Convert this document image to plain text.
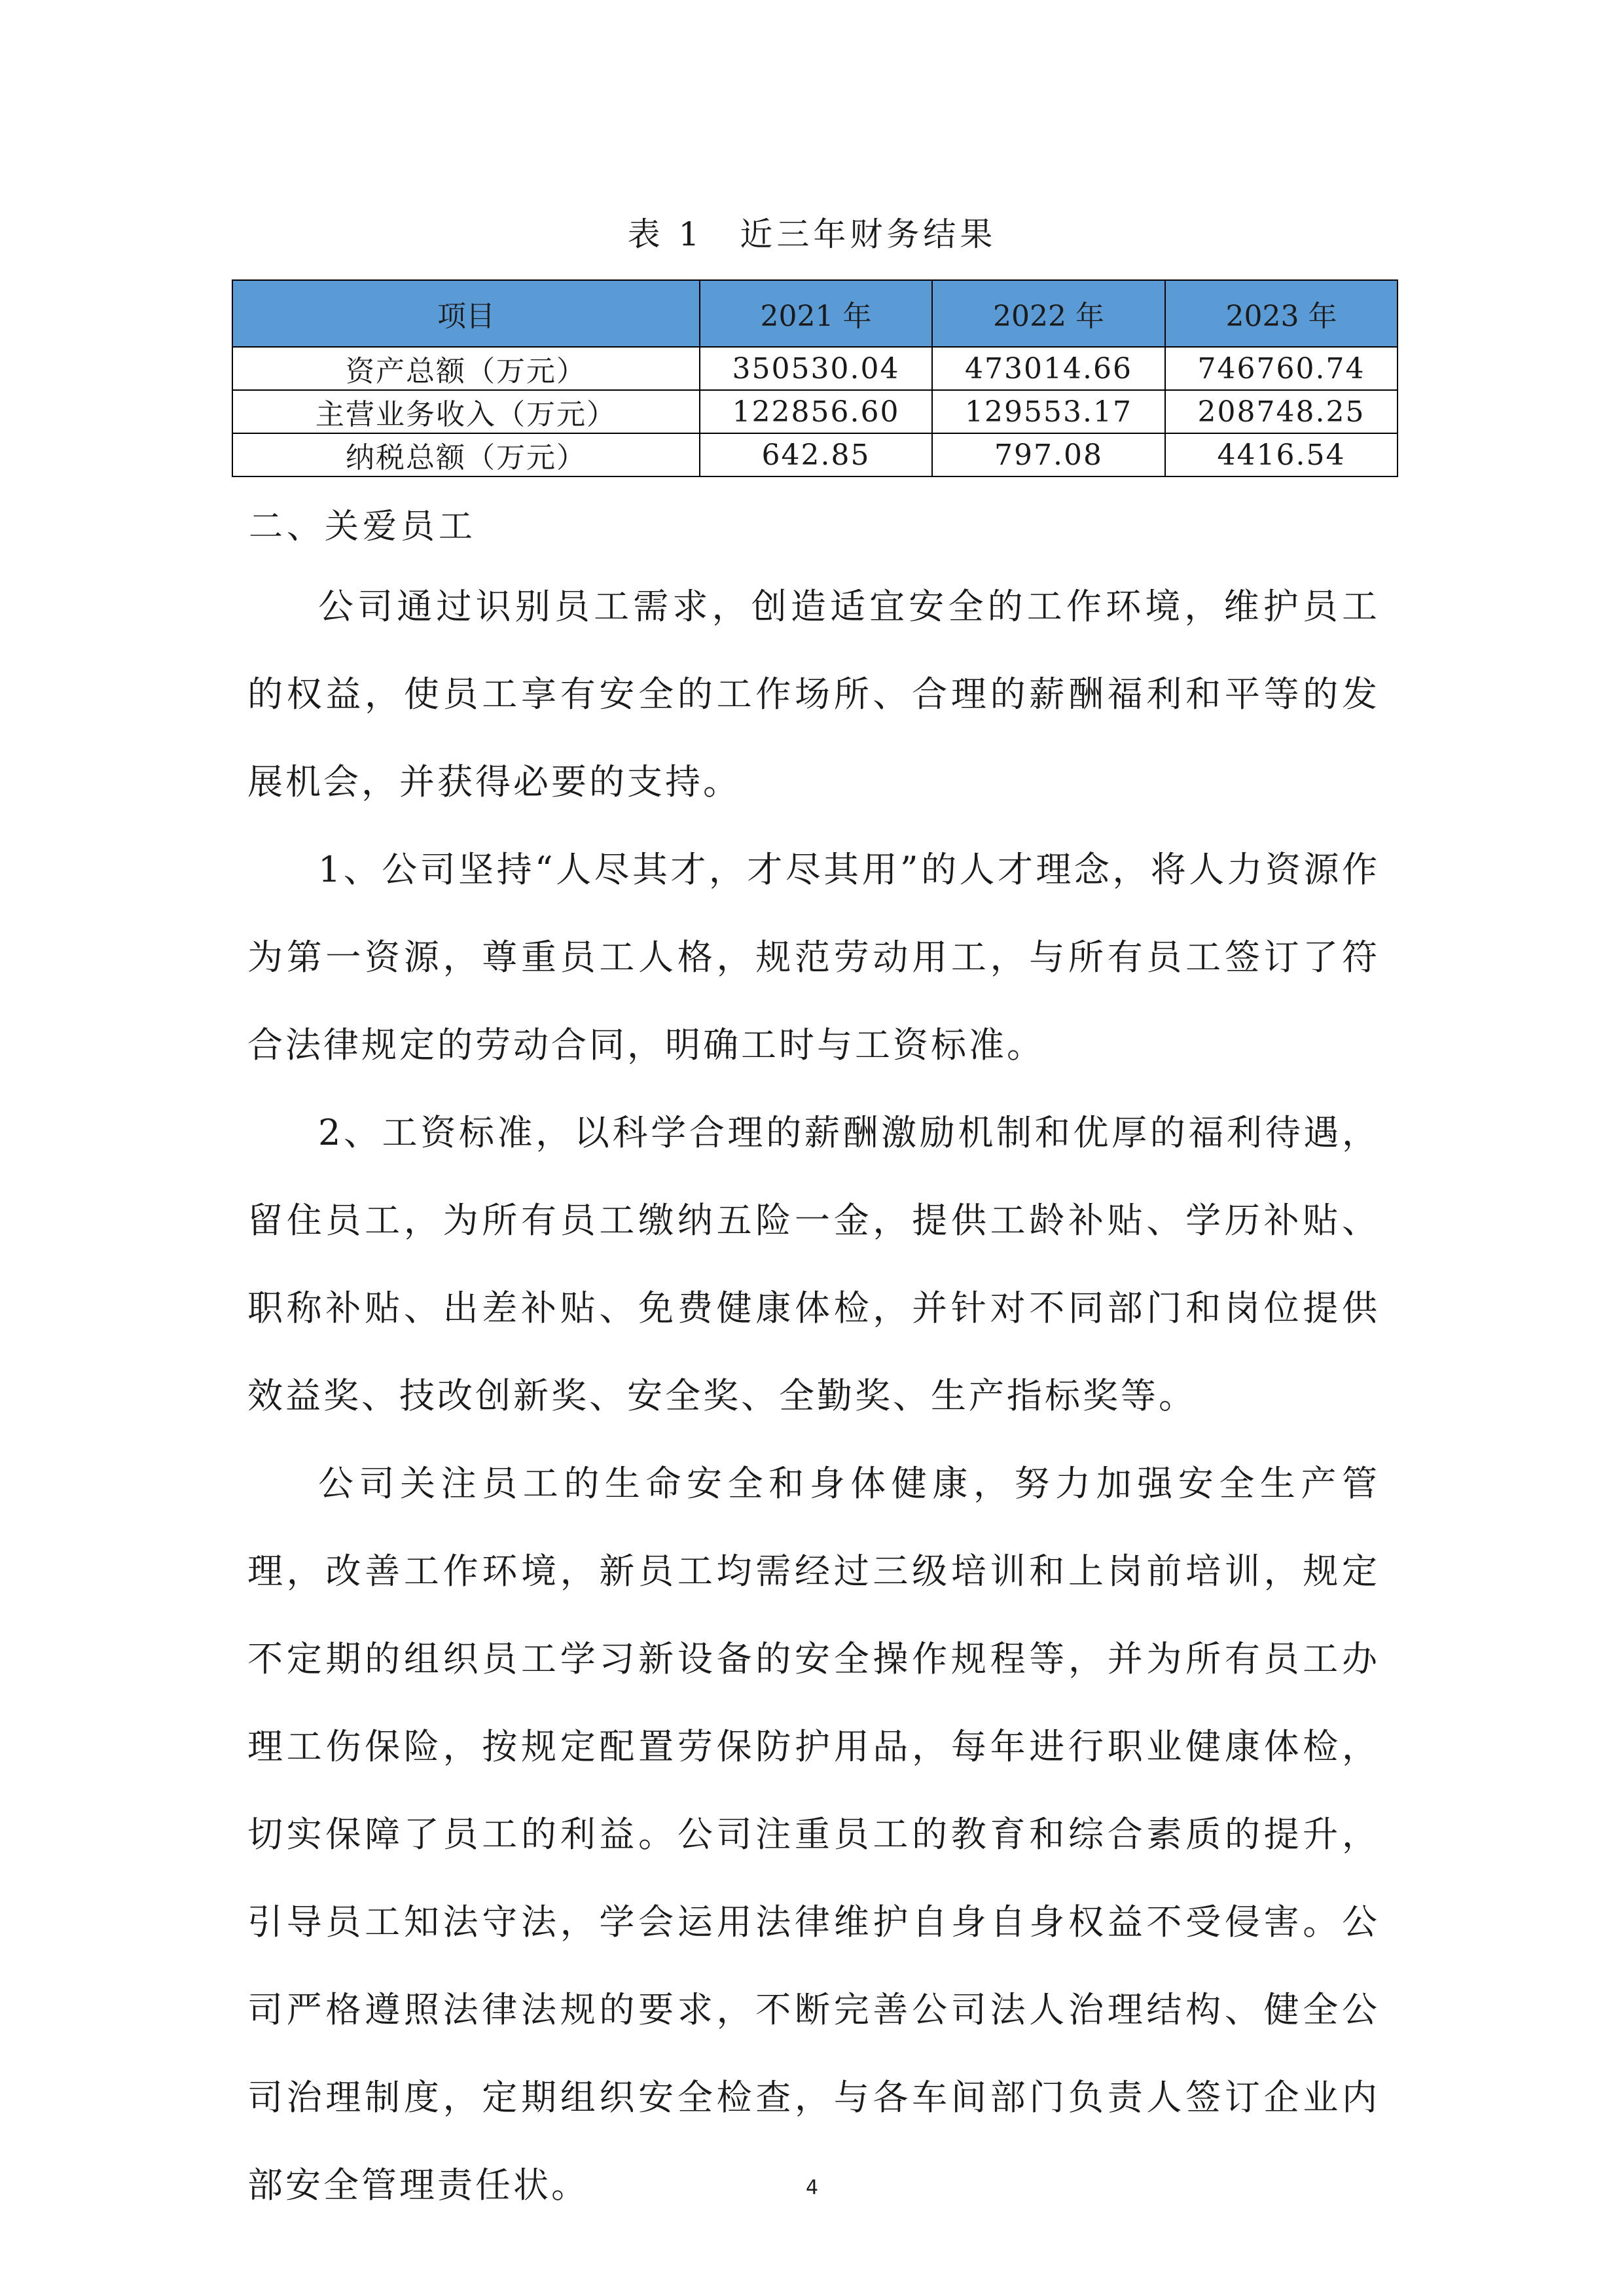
表 1　近三年财务结果
项目	2021 年	2022 年	2023 年
资产总额（万元）	350530.04	473014.66	746760.74
主营业务收入（万元）	122856.60	129553.17	208748.25
纳税总额（万元）	642.85	797.08	4416.54
二、关爱员工

公司通过识别员工需求，创造适宜安全的工作环境，维护员工的权益，使员工享有安全的工作场所、合理的薪酬福利和平等的发展机会，并获得必要的支持。

1、公司坚持“人尽其才，才尽其用”的人才理念，将人力资源作为第一资源，尊重员工人格，规范劳动用工，与所有员工签订了符合法律规定的劳动合同，明确工时与工资标准。

2、工资标准，以科学合理的薪酬激励机制和优厚的福利待遇，留住员工，为所有员工缴纳五险一金，提供工龄补贴、学历补贴、职称补贴、出差补贴、免费健康体检，并针对不同部门和岗位提供效益奖、技改创新奖、安全奖、全勤奖、生产指标奖等。

公司关注员工的生命安全和身体健康，努力加强安全生产管理，改善工作环境，新员工均需经过三级培训和上岗前培训，规定不定期的组织员工学习新设备的安全操作规程等，并为所有员工办理工伤保险，按规定配置劳保防护用品，每年进行职业健康体检，切实保障了员工的利益。公司注重员工的教育和综合素质的提升，引导员工知法守法，学会运用法律维护自身自身权益不受侵害。公司严格遵照法律法规的要求，不断完善公司法人治理结构、健全公司治理制度，定期组织安全检查，与各车间部门负责人签订企业内部安全管理责任状。	4
